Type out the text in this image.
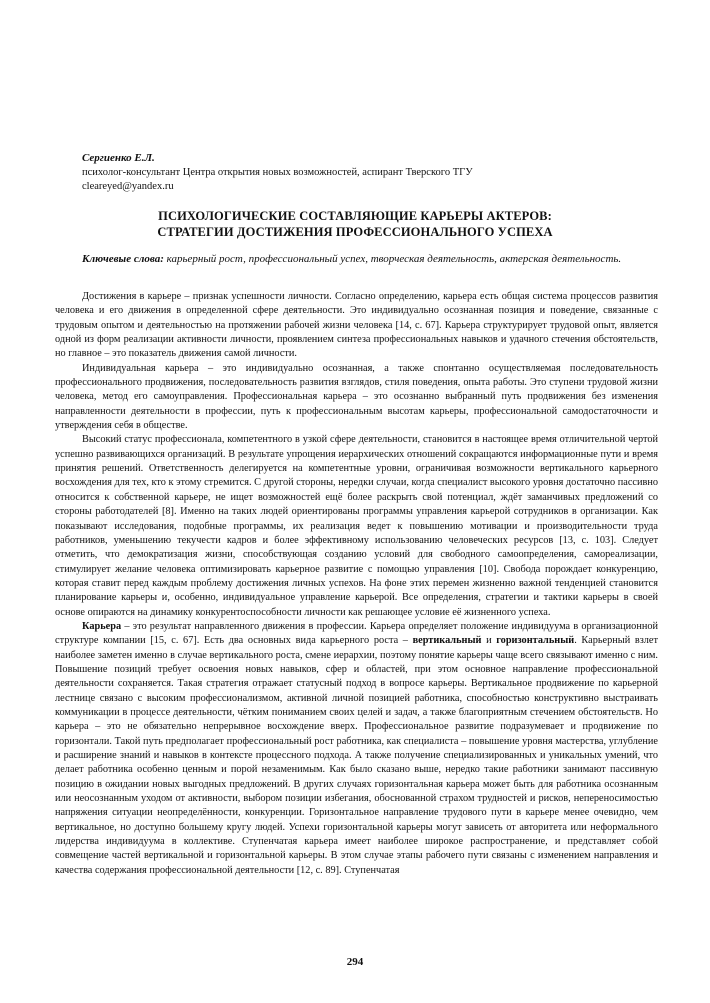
Сергиенко Е.Л.
психолог-консультант Центра открытия новых возможностей, аспирант Тверского ТГУ
cleareyed@yandex.ru
ПСИХОЛОГИЧЕСКИЕ СОСТАВЛЯЮЩИЕ КАРЬЕРЫ АКТЕРОВ:
СТРАТЕГИИ ДОСТИЖЕНИЯ ПРОФЕССИОНАЛЬНОГО УСПЕХА
Ключевые слова: карьерный рост, профессиональный успех, творческая деятельность, актерская деятельность.

Достижения в карьере – признак успешности личности. Согласно определению, карьера есть общая система процессов развития человека и его движения в определенной сфере деятельности. Это индивидуально осознанная позиция и поведение, связанные с трудовым опытом и деятельностью на протяжении рабочей жизни человека [14, с. 67]. Карьера структурирует трудовой опыт, является одной из форм реализации активности личности, проявлением синтеза профессиональных навыков и удачного стечения обстоятельств, но главное – это показатель движения самой личности.

Индивидуальная карьера – это индивидуально осознанная, а также спонтанно осуществляемая последовательность профессионального продвижения, последовательность развития взглядов, стиля поведения, опыта работы. Это ступени трудовой жизни человека, метод его самоуправления. Профессиональная карьера – это осознанно выбранный путь продвижения без изменения направленности деятельности в профессии, путь к профессиональным высотам карьеры, профессиональной самодостаточности и утверждения себя в обществе.

Высокий статус профессионала, компетентного в узкой сфере деятельности, становится в настоящее время отличительной чертой успешно развивающихся организаций. В результате упрощения иерархических отношений сокращаются информационные пути и время принятия решений. Ответственность делегируется на компетентные уровни, ограничивая возможности вертикального карьерного восхождения для тех, кто к этому стремится. С другой стороны, нередки случаи, когда специалист высокого уровня достаточно пассивно относится к собственной карьере, не ищет возможностей ещё более раскрыть свой потенциал, ждёт заманчивых предложений со стороны работодателей [8]. Именно на таких людей ориентированы программы управления карьерой сотрудников в организации. Как показывают исследования, подобные программы, их реализация ведет к повышению мотивации и производительности труда работников, уменьшению текучести кадров и более эффективному использованию человеческих ресурсов [13, с. 103]. Следует отметить, что демократизация жизни, способствующая созданию условий для свободного самоопределения, самореализации, стимулирует желание человека оптимизировать карьерное развитие с помощью управления [10]. Свобода порождает конкуренцию, которая ставит перед каждым проблему достижения личных успехов. На фоне этих перемен жизненно важной тенденцией становится планирование карьеры и, особенно, индивидуальное управление карьерой. Все определения, стратегии и тактики карьеры в своей основе опираются на динамику конкурентоспособности личности как решающее условие её жизненного успеха.

Карьера – это результат направленного движения в профессии. Карьера определяет положение индивидуума в организационной структуре компании [15, с. 67]. Есть два основных вида карьерного роста – вертикальный и горизонтальный. Карьерный взлет наиболее заметен именно в случае вертикального роста, смене иерархии, поэтому понятие карьеры чаще всего связывают именно с ним. Повышение позиций требует освоения новых навыков, сфер и областей, при этом основное направление профессиональной деятельности сохраняется. Такая стратегия отражает статусный подход в вопросе карьеры. Вертикальное продвижение по карьерной лестнице связано с высоким профессионализмом, активной личной позицией работника, способностью конструктивно выстраивать коммуникации в процессе деятельности, чётким пониманием своих целей и задач, а также благоприятным стечением обстоятельств. Но карьера – это не обязательно непрерывное восхождение вверх. Профессиональное развитие подразумевает и продвижение по горизонтали. Такой путь предполагает профессиональный рост работника, как специалиста – повышение уровня мастерства, углубление и расширение знаний и навыков в контексте процессного подхода. А также получение специализированных и уникальных умений, что делает работника особенно ценным и порой незаменимым. Как было сказано выше, нередко такие работники занимают пассивную позицию в ожидании новых выгодных предложений. В других случаях горизонтальная карьера может быть для работника осознанным или неосознанным уходом от активности, выбором позиции избегания, обоснованной страхом трудностей и рисков, непереносимостью напряжения ситуации неопределённости, конкуренции. Горизонтальное направление трудового пути в карьере менее очевидно, чем вертикальное, но доступно большему кругу людей. Успехи горизонтальной карьеры могут зависеть от авторитета или неформального лидерства индивидуума в коллективе. Ступенчатая карьера имеет наиболее широкое распространение, и представляет собой совмещение частей вертикальной и горизонтальной карьеры. В этом случае этапы рабочего пути связаны с изменением направления и качества содержания профессиональной деятельности [12, с. 89]. Ступенчатая

294
